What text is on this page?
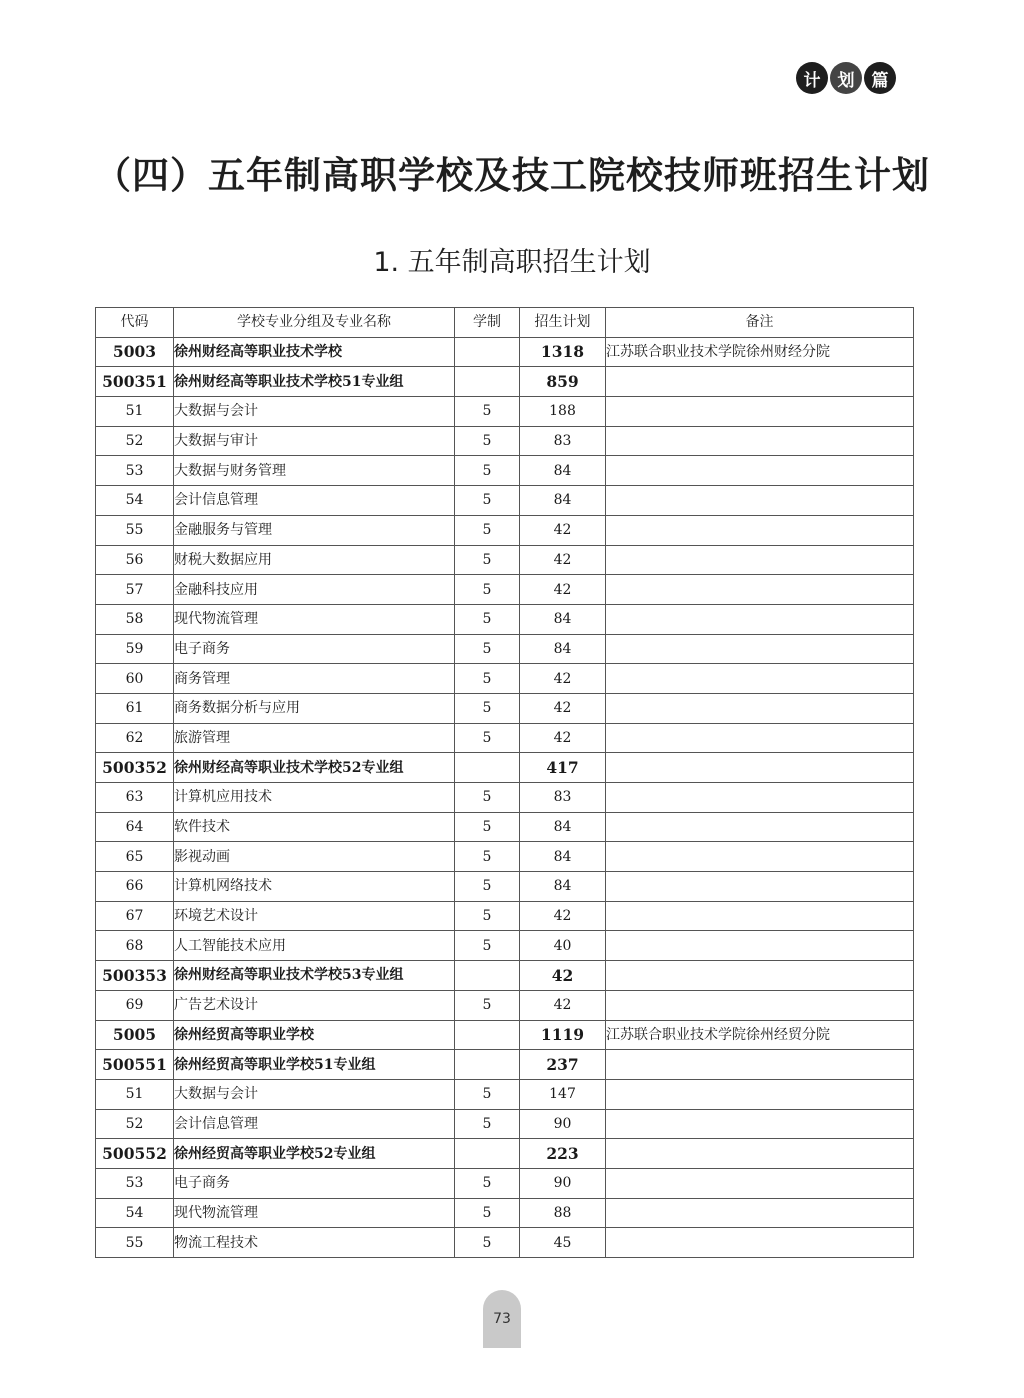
计	划	篇
（四）五年制高职学校及技工院校技师班招生计划
1. 五年制高职招生计划
代码	学校专业分组及专业名称	学制	招生计划	备注
5003	徐州财经高等职业技术学校		1318	江苏联合职业技术学院徐州财经分院
500351	徐州财经高等职业技术学校51专业组		859	
51	大数据与会计	5	188	
52	大数据与审计	5	83	
53	大数据与财务管理	5	84	
54	会计信息管理	5	84	
55	金融服务与管理	5	42	
56	财税大数据应用	5	42	
57	金融科技应用	5	42	
58	现代物流管理	5	84	
59	电子商务	5	84	
60	商务管理	5	42	
61	商务数据分析与应用	5	42	
62	旅游管理	5	42	
500352	徐州财经高等职业技术学校52专业组		417	
63	计算机应用技术	5	83	
64	软件技术	5	84	
65	影视动画	5	84	
66	计算机网络技术	5	84	
67	环境艺术设计	5	42	
68	人工智能技术应用	5	40	
500353	徐州财经高等职业技术学校53专业组		42	
69	广告艺术设计	5	42	
5005	徐州经贸高等职业学校		1119	江苏联合职业技术学院徐州经贸分院
500551	徐州经贸高等职业学校51专业组		237	
51	大数据与会计	5	147	
52	会计信息管理	5	90	
500552	徐州经贸高等职业学校52专业组		223	
53	电子商务	5	90	
54	现代物流管理	5	88	
55	物流工程技术	5	45	
73
